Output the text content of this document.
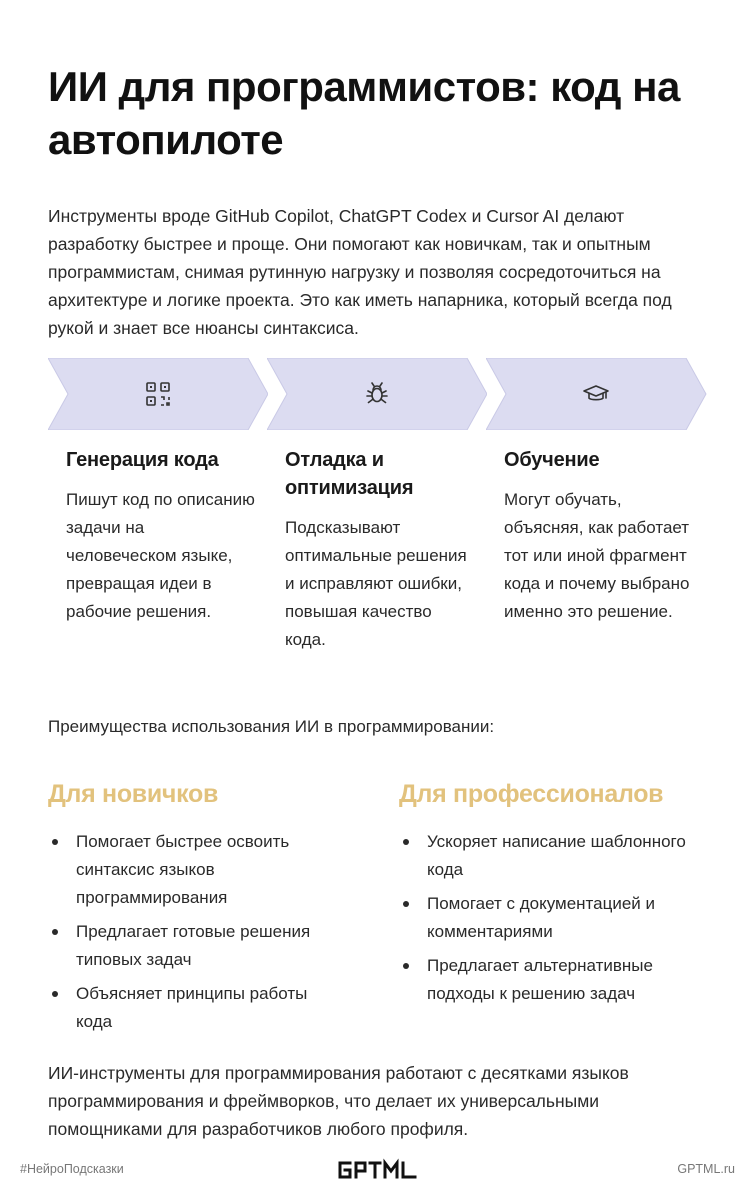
ИИ для программистов: код на автопилоте

Инструменты вроде GitHub Copilot, ChatGPT Codex и Cursor AI делают разработку быстрее и проще. Они помогают как новичкам, так и опытным программистам, снимая рутинную нагрузку и позволяя сосредоточиться на архитектуре и логике проекта. Это как иметь напарника, который всегда под рукой и знает все нюансы синтаксиса.

Генерация кода

Пишут код по описанию задачи на человеческом языке, превращая идеи в рабочие решения.

Отладка и оптимизация

Подсказывают оптимальные решения и исправляют ошибки, повышая качество кода.

Обучение

Могут обучать, объясняя, как работает тот или иной фрагмент кода и почему выбрано именно это решение.

Преимущества использования ИИ в программировании:

Для новичков
Помогает быстрее освоить синтаксис языков программирования
Предлагает готовые решения типовых задач
Объясняет принципы работы кода
Для профессионалов
Ускоряет написание шаблонного кода
Помогает с документацией и комментариями
Предлагает альтернативные подходы к решению задач

ИИ-инструменты для программирования работают с десятками языков программирования и фреймворков, что делает их универсальными помощниками для разработчиков любого профиля.

#НейроПодсказки	GPTML.ru
